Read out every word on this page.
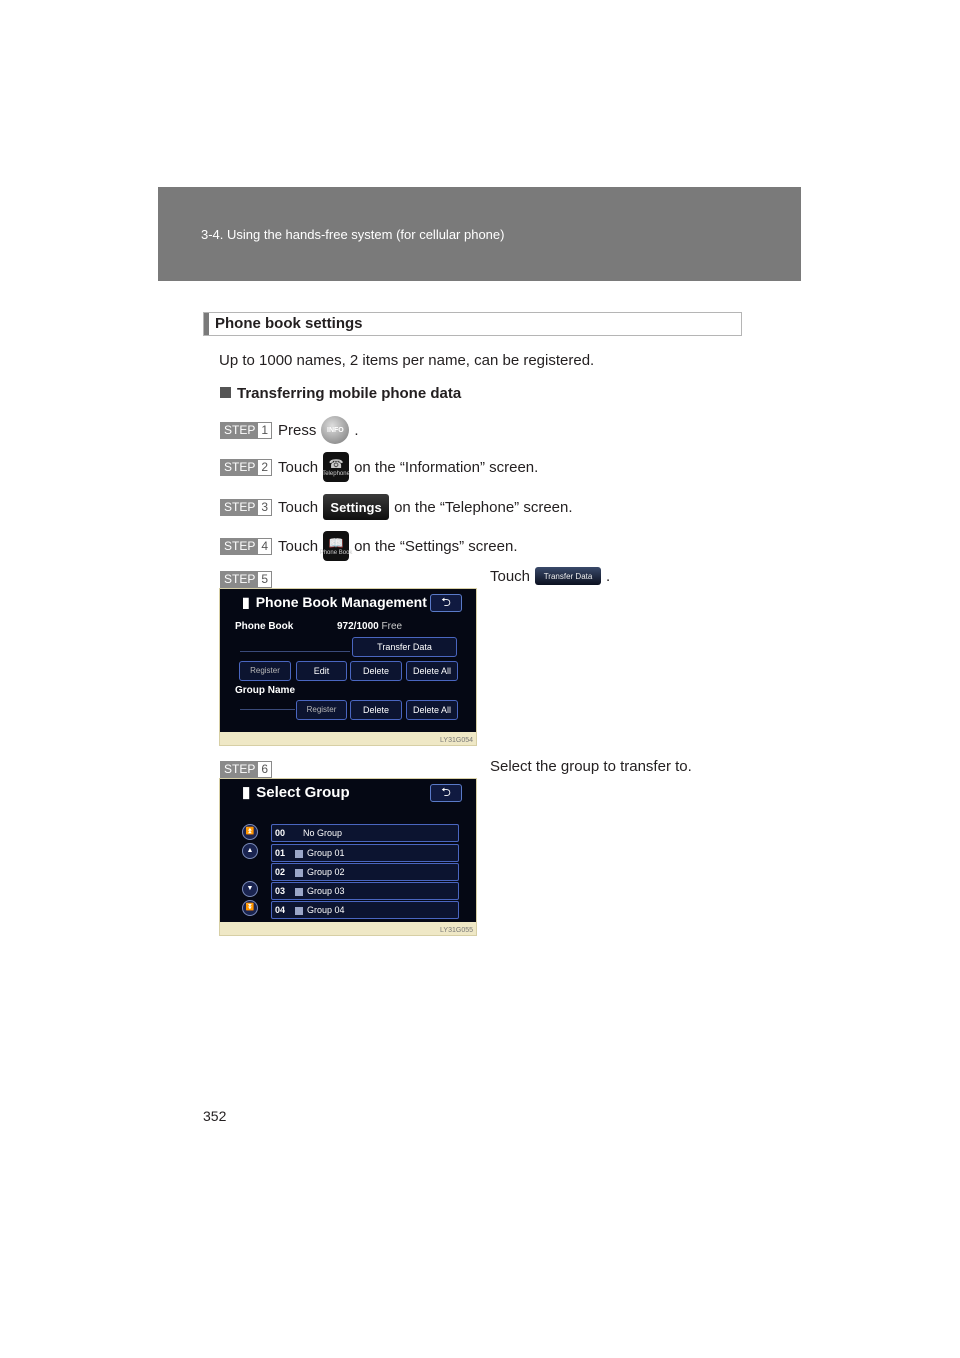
3-4. Using the hands-free system (for cellular phone)
Phone book settings
Up to 1000 names, 2 items per name, can be registered.
Transferring mobile phone data
STEP 1 Press	INFO .
STEP 2 Touch ☎
Telephone on the “Information” screen.
STEP 3 Touch Settings on the “Telephone” screen.
STEP 4 Touch 📖
Phone Book on the “Settings” screen.
STEP 5
▮ Phone Book Management	⮌
Phone Book	972/1000 Free
Transfer Data
Register	Edit	Delete	Delete All
Group Name
Register	Delete	Delete All
LY31G054
Touch	Transfer Data .
STEP 6
▮ Select Group	⮌
⏫
▲
▼
⏬
00 No Group
01 Group 01
02 Group 02
03 Group 03
04 Group 04
LY31G055
Select the group to transfer to.
352
